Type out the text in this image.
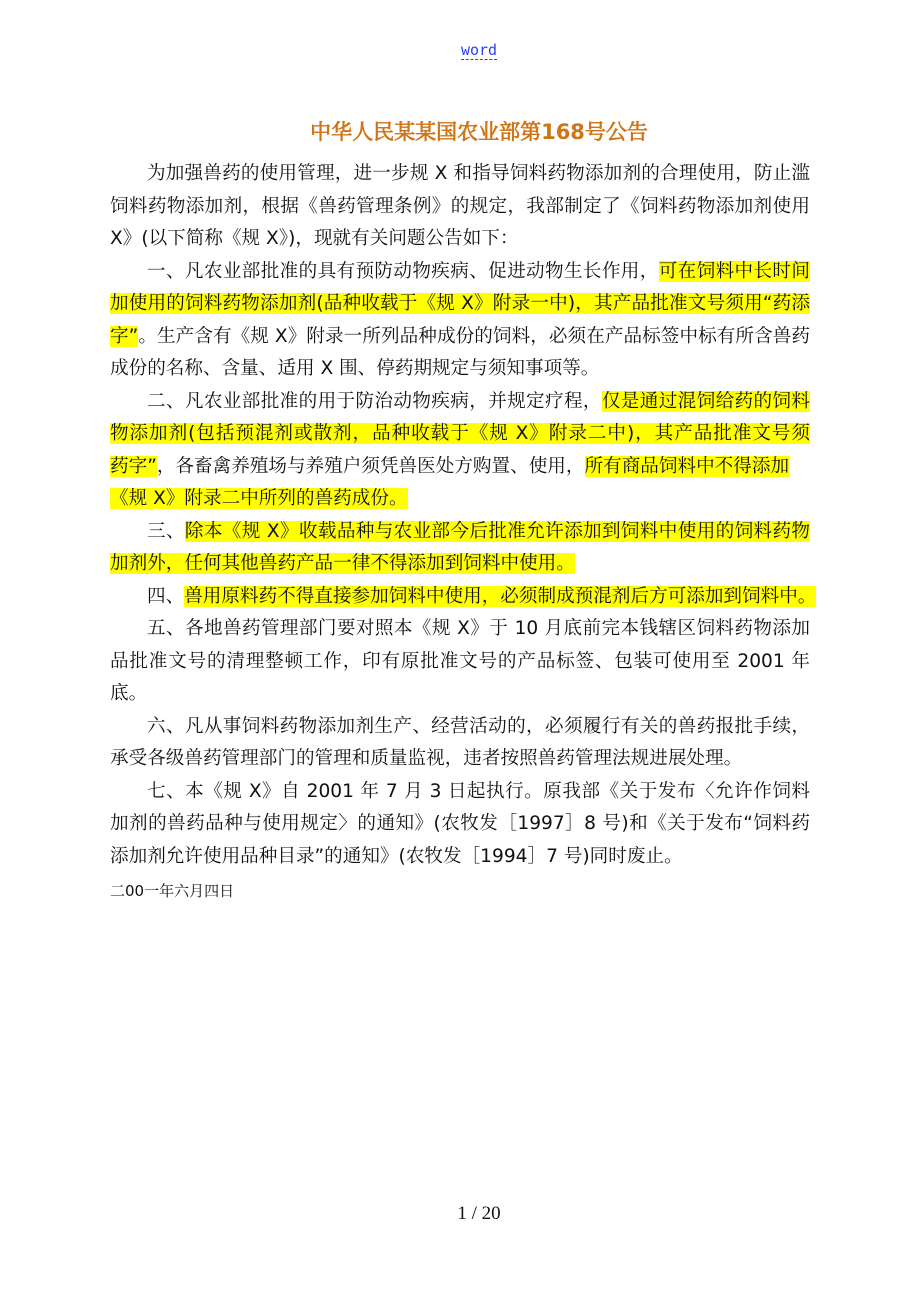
word
中华人民某某国农业部第168号公告
为加强兽药的使用管理，进一步规 X 和指导饲料药物添加剂的合理使用，防止滥
饲料药物添加剂，根据《兽药管理条例》的规定，我部制定了《饲料药物添加剂使用
X》(以下简称《规 X》)，现就有关问题公告如下：
一、凡农业部批准的具有预防动物疾病、促进动物生长作用，可在饲料中长时间
加使用的饲料药物添加剂(品种收载于《规 X》附录一中)，其产品批准文号须用“药添
字”。生产含有《规 X》附录一所列品种成份的饲料，必须在产品标签中标有所含兽药
成份的名称、含量、适用 X 围、停药期规定与须知事项等。
二、凡农业部批准的用于防治动物疾病，并规定疗程，仅是通过混饲给药的饲料
物添加剂(包括预混剂或散剂，品种收载于《规 X》附录二中)，其产品批准文号须
药字”，各畜禽养殖场与养殖户须凭兽医处方购置、使用，所有商品饲料中不得添加
《规 X》附录二中所列的兽药成份。
三、除本《规 X》收载品种与农业部今后批准允许添加到饲料中使用的饲料药物
加剂外，任何其他兽药产品一律不得添加到饲料中使用。
四、兽用原料药不得直接参加饲料中使用，必须制成预混剂后方可添加到饲料中。
五、各地兽药管理部门要对照本《规 X》于 10 月底前完本钱辖区饲料药物添加
品批准文号的清理整顿工作，印有原批准文号的产品标签、包装可使用至 2001 年
底。
六、凡从事饲料药物添加剂生产、经营活动的，必须履行有关的兽药报批手续，
承受各级兽药管理部门的管理和质量监视，违者按照兽药管理法规进展处理。
七、本《规 X》自 2001 年 7 月 3 日起执行。原我部《关于发布〈允许作饲料
加剂的兽药品种与使用规定〉的通知》(农牧发［1997］8 号)和《关于发布“饲料药
添加剂允许使用品种目录”的通知》(农牧发［1994］7 号)同时废止。
二00一年六月四日
1 / 20
